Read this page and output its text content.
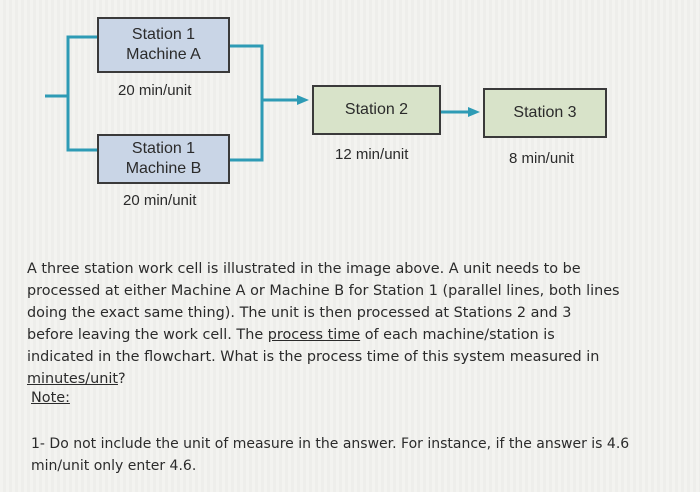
Station 1
Machine A
20 min/unit
Station 1
Machine B
20 min/unit
Station 2
12 min/unit
Station 3
8 min/unit

A three station work cell is illustrated in the image above. A unit needs to be processed at either Machine A or Machine B for Station 1 (parallel lines, both lines doing the exact same thing). The unit is then processed at Stations 2 and 3 before leaving the work cell. The process time of each machine/station is indicated in the flowchart. What is the process time of this system measured in minutes/unit?

Note:
1- Do not include the unit of measure in the answer. For instance, if the answer is 4.6 min/unit only enter 4.6.
